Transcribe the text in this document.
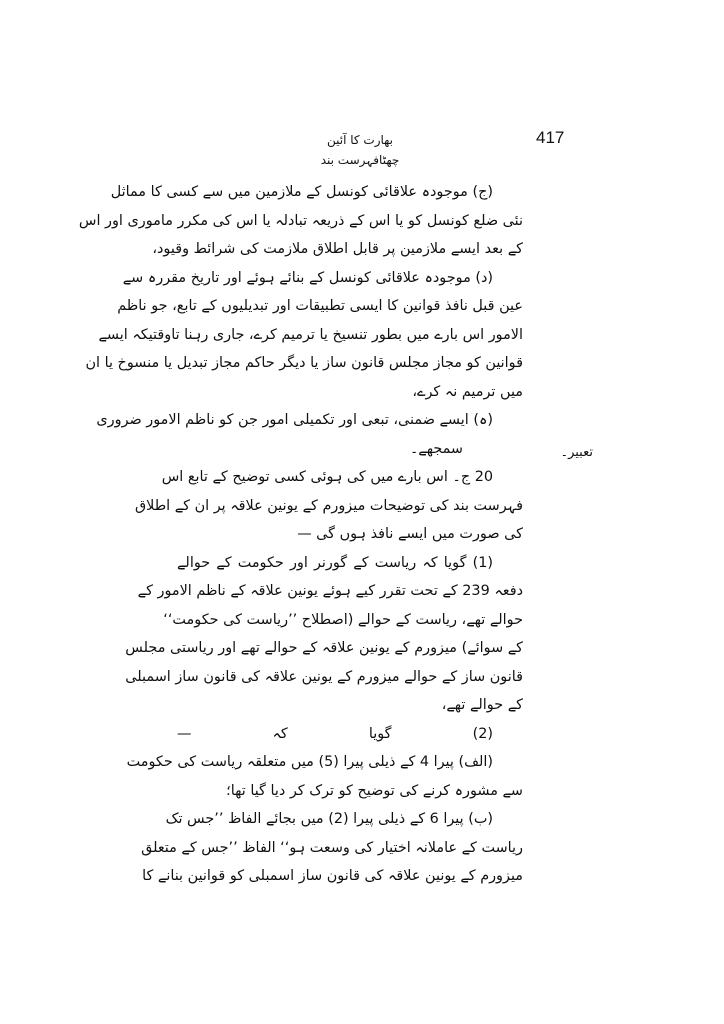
417
بھارت کا آئین
چھٹافہرست بند
تعبیر۔
(ج) موجودہ علاقائی کونسل کے ملازمین میں سے کسی کا مماثل
نئی ضلع کونسل کو یا اس کے ذریعہ تبادلہ یا اس کی مکرر ماموری اور اس
کے بعد ایسے ملازمین پر قابل اطلاق ملازمت کی شرائط وقیود،
(د) موجودہ علاقائی کونسل کے بنائے ہوئے اور تاریخ مقررہ سے
عین قبل نافذ قوانین کا ایسی تطبیقات اور تبدیلیوں کے تابع، جو ناظم
الامور اس بارے میں بطور تنسیخ یا ترمیم کرے، جاری رہنا تاوقتیکہ ایسے
قوانین کو مجاز مجلس قانون ساز یا دیگر حاکم مجاز تبدیل یا منسوخ یا ان
میں ترمیم نہ کرے،
(ہ) ایسے ضمنی، تبعی اور تکمیلی امور جن کو ناظم الامور ضروری
سمجھے۔
20 ج۔ اس بارے میں کی ہوئی کسی توضیح کے تابع اس
فہرست بند کی توضیحات میزورم کے یونین علاقہ پر ان کے اطلاق
کی صورت میں ایسے نافذ ہوں گی —
(1) گویا کہ ریاست کے گورنر اور حکومت کے حوالے
دفعہ 239 کے تحت تقرر کیے ہوئے یونین علاقہ کے ناظم الامور کے
حوالے تھے، ریاست کے حوالے (اصطلاح ’’ریاست کی حکومت‘‘
کے سوائے) میزورم کے یونین علاقہ کے حوالے تھے اور ریاستی مجلس
قانون ساز کے حوالے میزورم کے یونین علاقہ کی قانون ساز اسمبلی
کے حوالے تھے،
(2) گویا کہ —
(الف) پیرا 4 کے ذیلی پیرا (5) میں متعلقہ ریاست کی حکومت
سے مشورہ کرنے کی توضیح کو ترک کر دیا گیا تھا؛
(ب) پیرا 6 کے ذیلی پیرا (2) میں بجائے الفاظ ’’جس تک
ریاست کے عاملانہ اختیار کی وسعت ہو‘‘ الفاظ ’’جس کے متعلق
میزورم کے یونین علاقہ کی قانون ساز اسمبلی کو قوانین بنانے کا
